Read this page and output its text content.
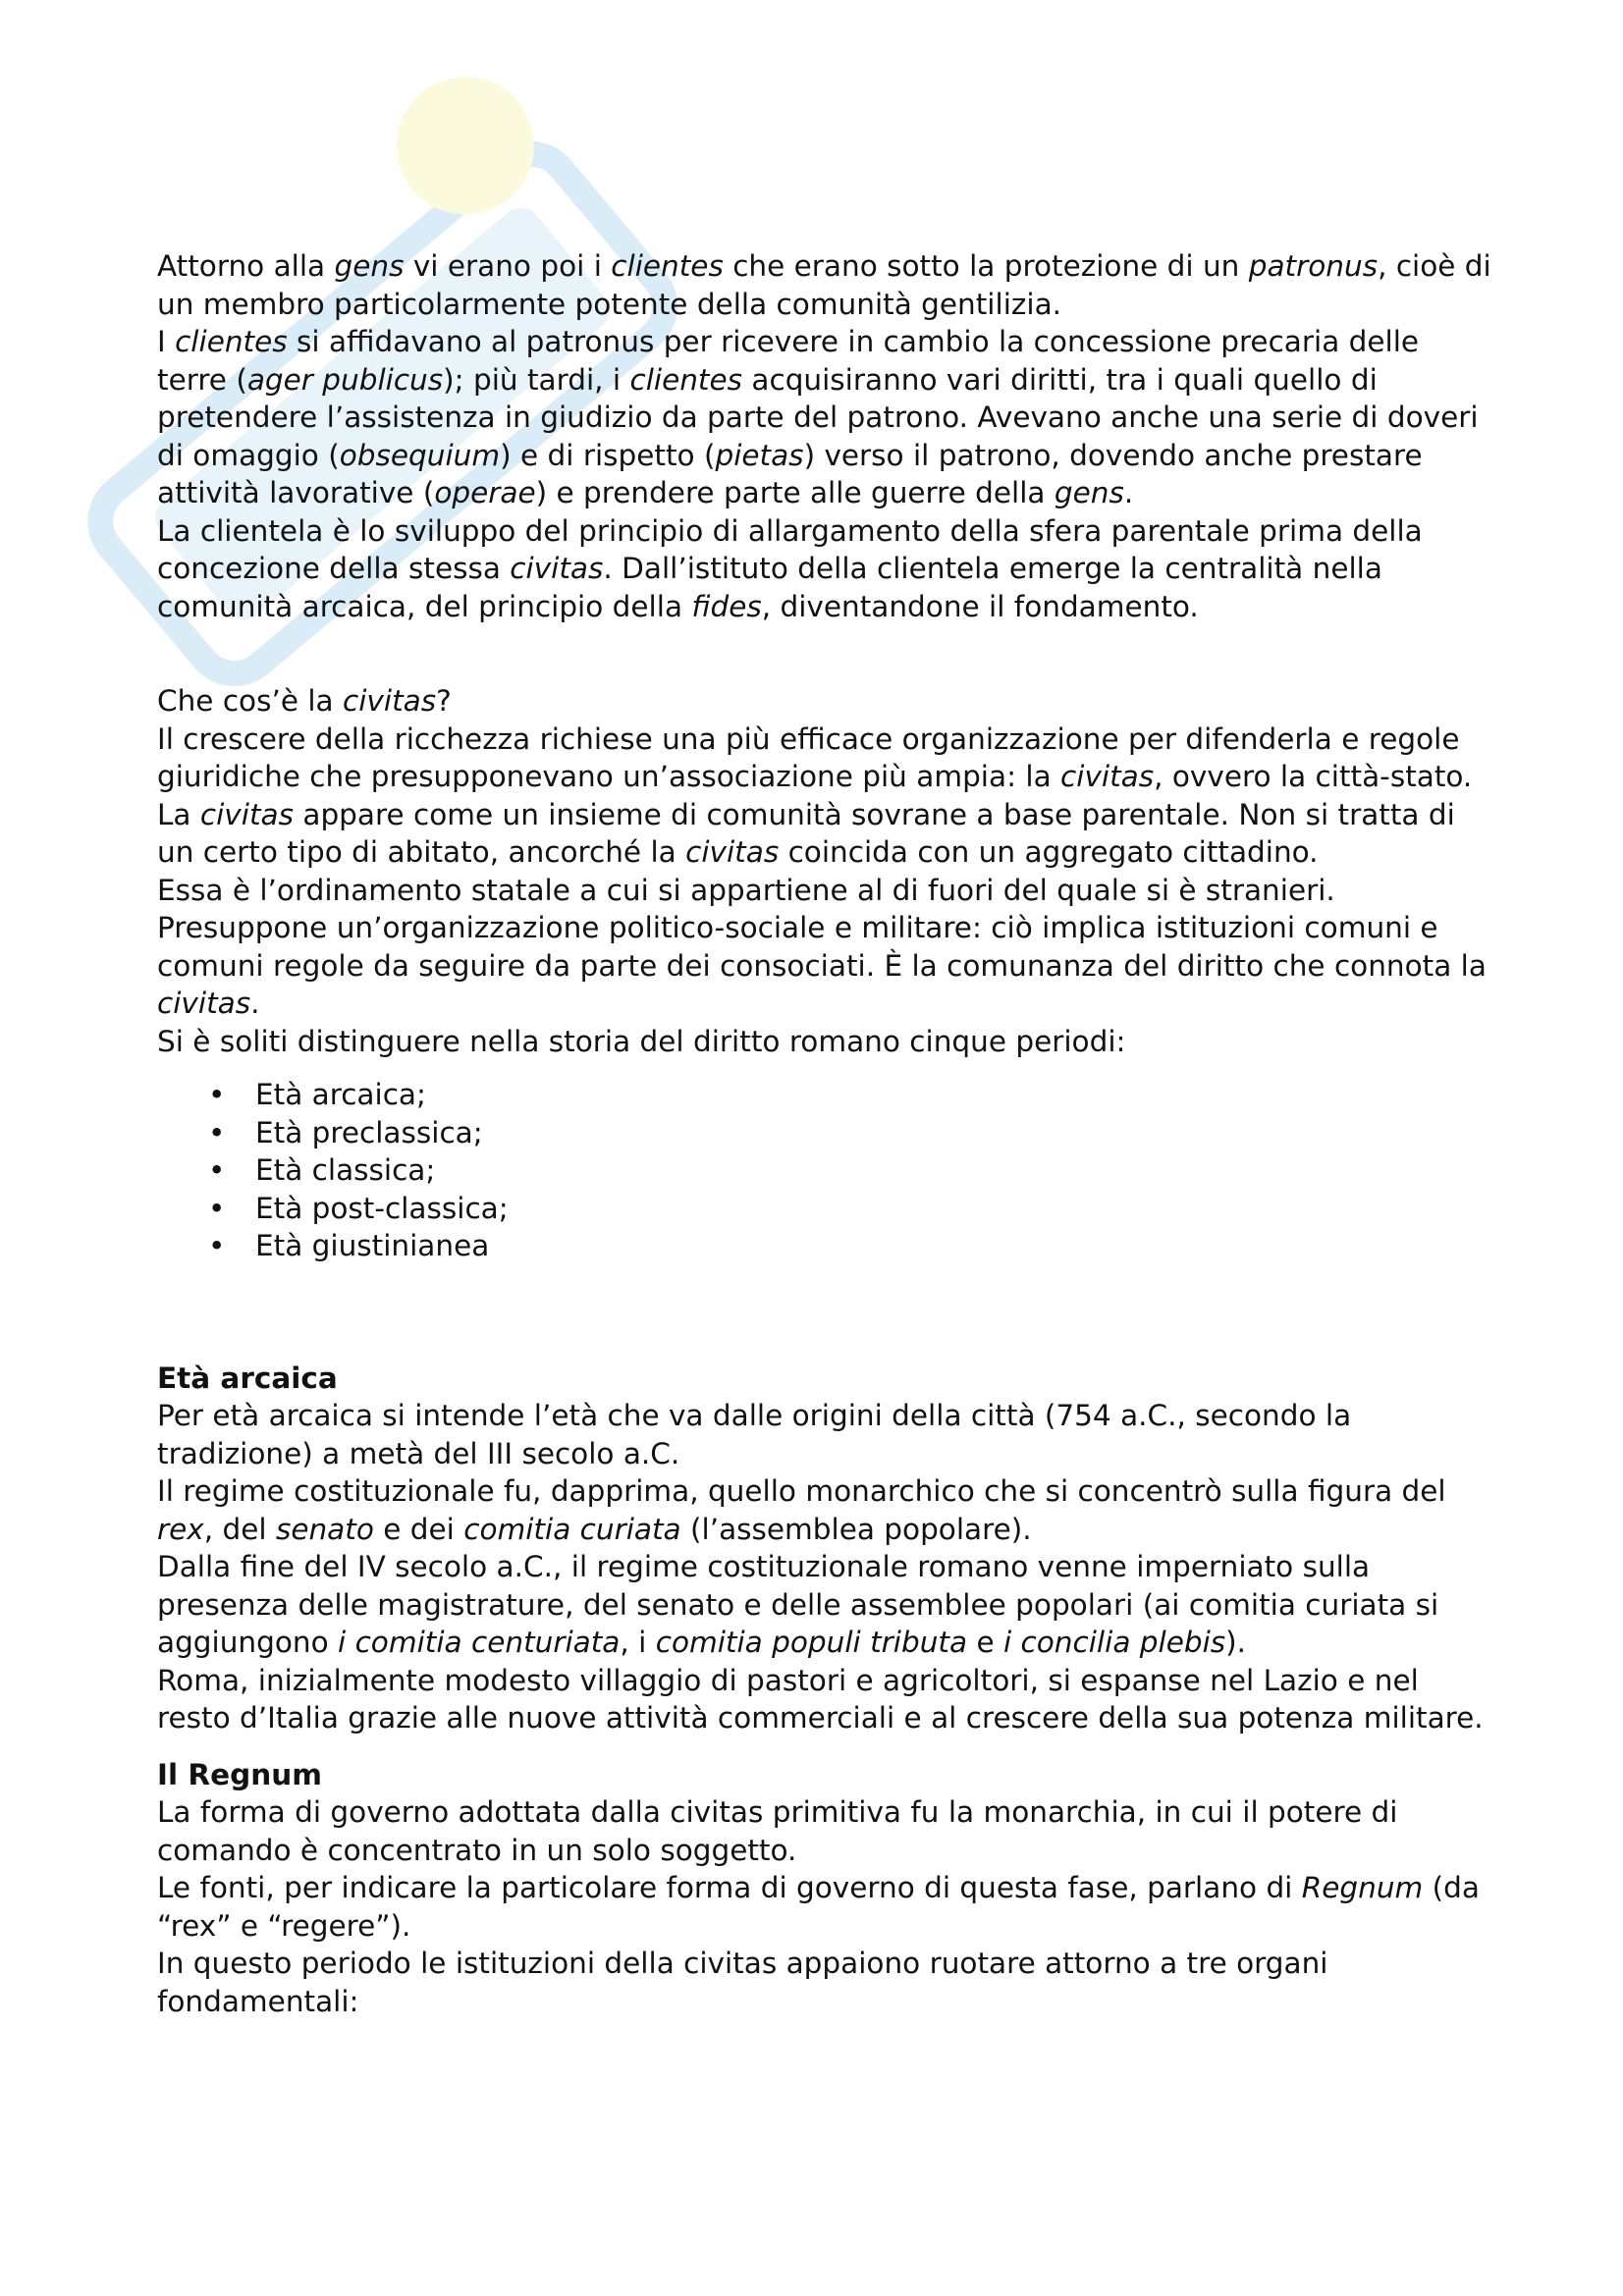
Attorno alla gens vi erano poi i clientes che erano sotto la protezione di un patronus, cioè di un membro particolarmente potente della comunità gentilizia.

I clientes si affidavano al patronus per ricevere in cambio la concessione precaria delle terre (ager publicus); più tardi, i clientes acquisiranno vari diritti, tra i quali quello di pretendere l’assistenza in giudizio da parte del patrono. Avevano anche una serie di doveri di omaggio (obsequium) e di rispetto (pietas) verso il patrono, dovendo anche prestare attività lavorative (operae) e prendere parte alle guerre della gens.

La clientela è lo sviluppo del principio di allargamento della sfera parentale prima della concezione della stessa civitas. Dall’istituto della clientela emerge la centralità nella comunità arcaica, del principio della fides, diventandone il fondamento.

Che cos’è la civitas?

Il crescere della ricchezza richiese una più efficace organizzazione per difenderla e regole giuridiche che presupponevano un’associazione più ampia: la civitas, ovvero la città-stato.

La civitas appare come un insieme di comunità sovrane a base parentale. Non si tratta di un certo tipo di abitato, ancorché la civitas coincida con un aggregato cittadino.

Essa è l’ordinamento statale a cui si appartiene al di fuori del quale si è stranieri.

Presuppone un’organizzazione politico-sociale e militare: ciò implica istituzioni comuni e comuni regole da seguire da parte dei consociati. È la comunanza del diritto che connota la civitas.

Si è soliti distinguere nella storia del diritto romano cinque periodi:

• Età arcaica;
• Età preclassica;
• Età classica;
• Età post-classica;
• Età giustinianea
Età arcaica

Per età arcaica si intende l’età che va dalle origini della città (754 a.C., secondo la tradizione) a metà del III secolo a.C.

Il regime costituzionale fu, dapprima, quello monarchico che si concentrò sulla figura del rex, del senato e dei comitia curiata (l’assemblea popolare).

Dalla fine del IV secolo a.C., il regime costituzionale romano venne imperniato sulla presenza delle magistrature, del senato e delle assemblee popolari (ai comitia curiata si aggiungono i comitia centuriata, i comitia populi tributa e i concilia plebis).

Roma, inizialmente modesto villaggio di pastori e agricoltori, si espanse nel Lazio e nel resto d’Italia grazie alle nuove attività commerciali e al crescere della sua potenza militare.

Il Regnum

La forma di governo adottata dalla civitas primitiva fu la monarchia, in cui il potere di comando è concentrato in un solo soggetto.

Le fonti, per indicare la particolare forma di governo di questa fase, parlano di Regnum (da “rex” e “regere”).

In questo periodo le istituzioni della civitas appaiono ruotare attorno a tre organi fondamentali:
